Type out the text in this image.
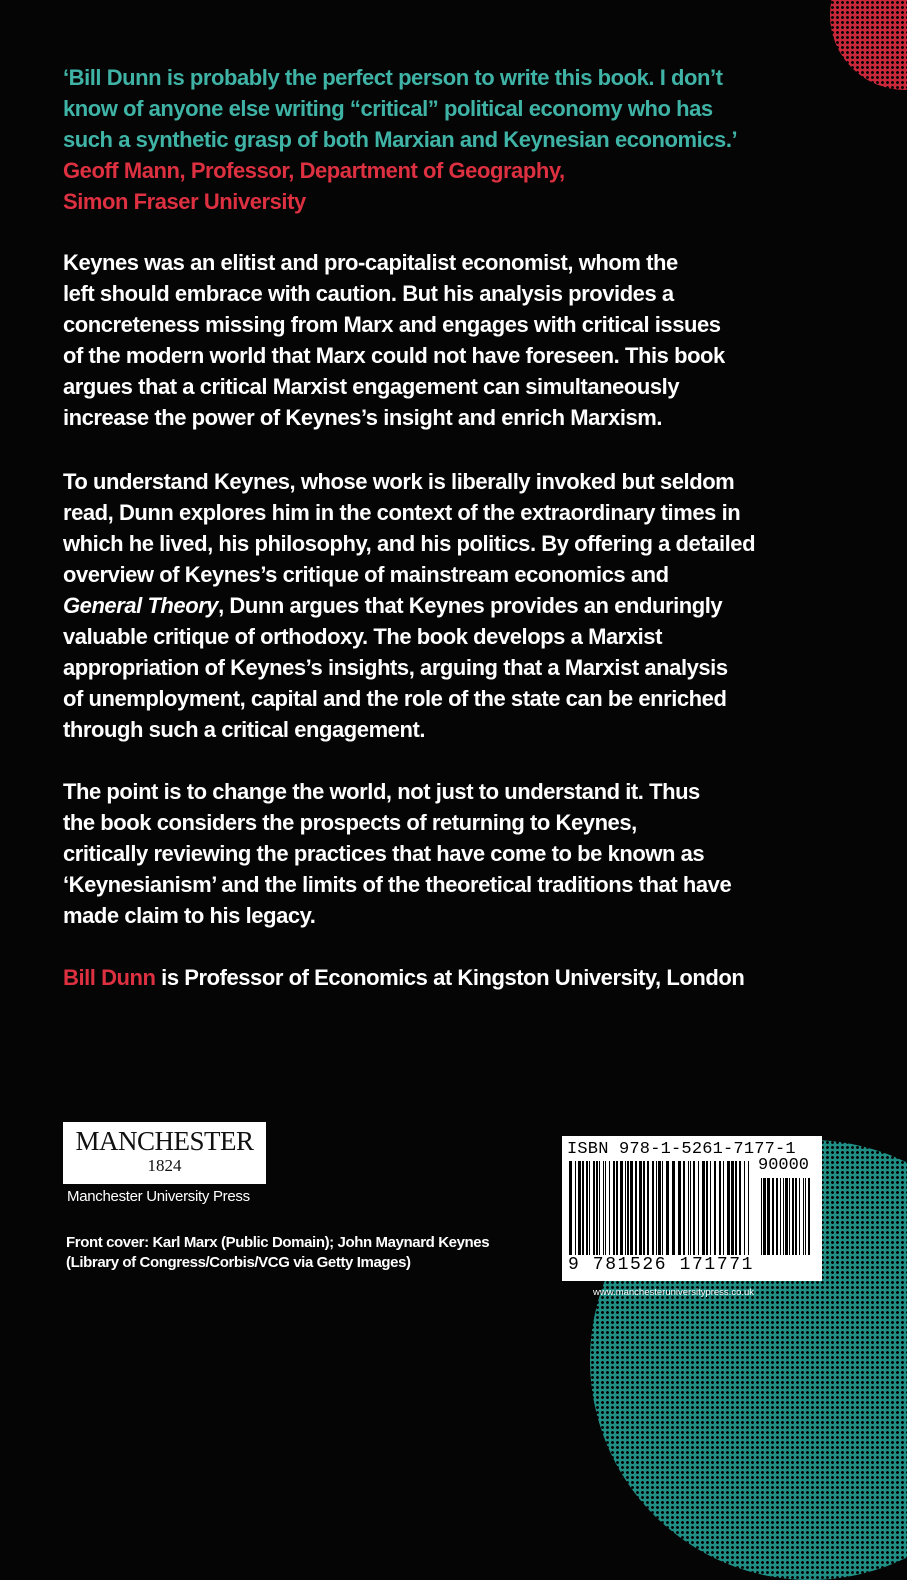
‘Bill Dunn is probably the perfect person to write this book. I don’t
know of anyone else writing “critical” political economy who has
such a synthetic grasp of both Marxian and Keynesian economics.’
Geoff Mann, Professor, Department of Geography,
Simon Fraser University
Keynes was an elitist and pro-capitalist economist, whom the
left should embrace with caution. But his analysis provides a
concreteness missing from Marx and engages with critical issues
of the modern world that Marx could not have foreseen. This book
argues that a critical Marxist engagement can simultaneously
increase the power of Keynes’s insight and enrich Marxism.
To understand Keynes, whose work is liberally invoked but seldom
read, Dunn explores him in the context of the extraordinary times in
which he lived, his philosophy, and his politics. By offering a detailed
overview of Keynes’s critique of mainstream economics and
General Theory, Dunn argues that Keynes provides an enduringly
valuable critique of orthodoxy. The book develops a Marxist
appropriation of Keynes’s insights, arguing that a Marxist analysis
of unemployment, capital and the role of the state can be enriched
through such a critical engagement.
The point is to change the world, not just to understand it. Thus
the book considers the prospects of returning to Keynes,
critically reviewing the practices that have come to be known as
‘Keynesianism’ and the limits of the theoretical traditions that have
made claim to his legacy.
Bill Dunn is Professor of Economics at Kingston University, London
MANCHESTER
1824
Manchester University Press
Front cover: Karl Marx (Public Domain); John Maynard Keynes
(Library of Congress/Corbis/VCG via Getty Images)
ISBN 978-1-5261-7177-1
90000
9 781526 171771
www.manchesteruniversitypress.co.uk
